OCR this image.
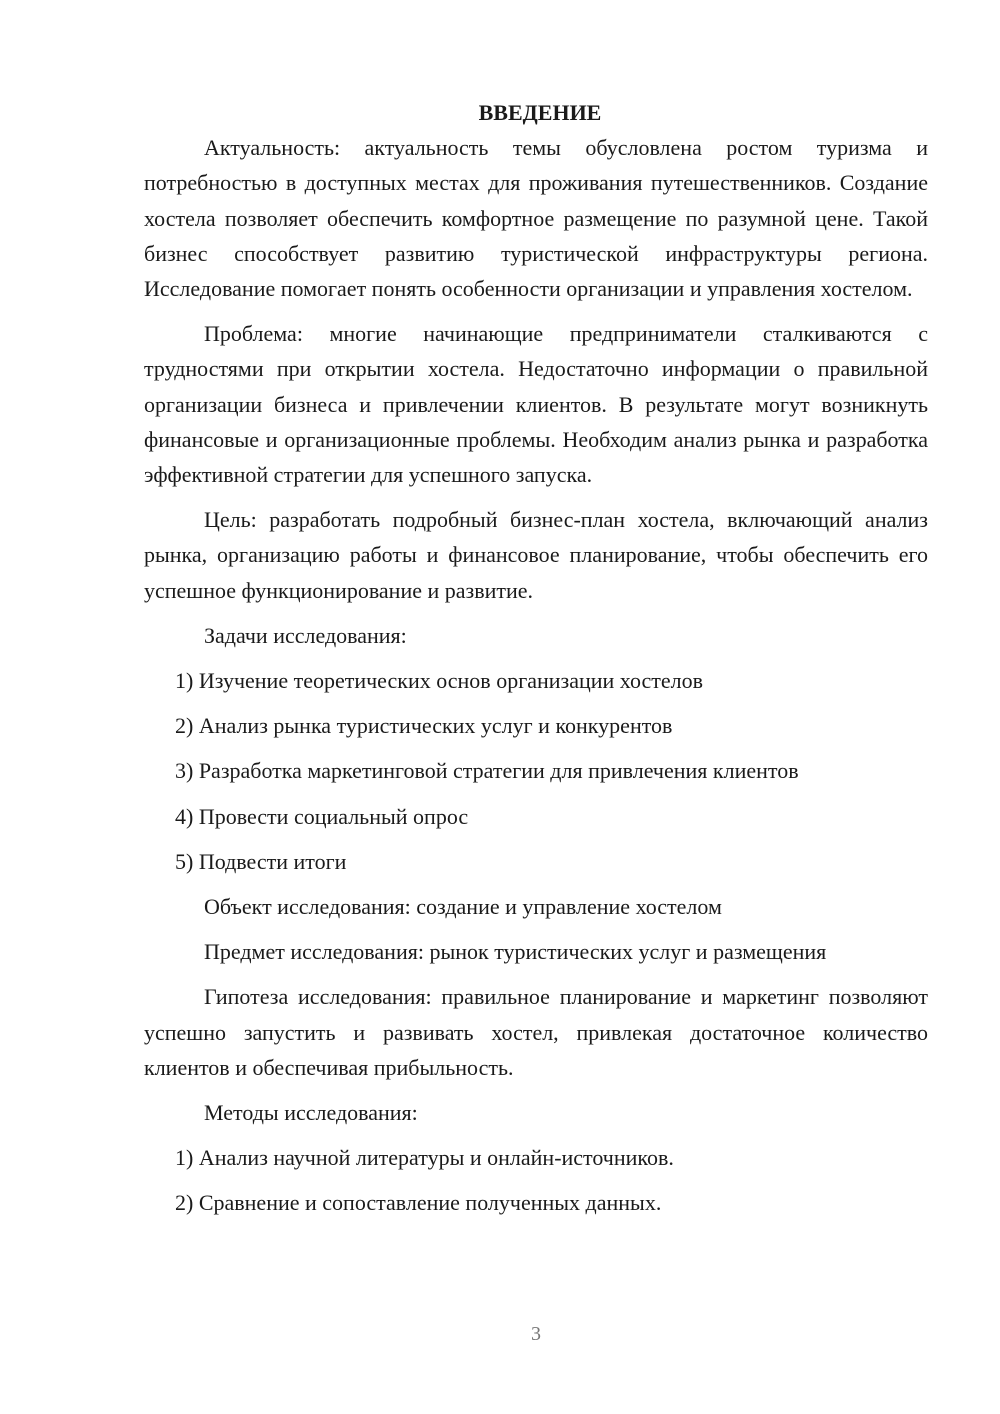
ВВЕДЕНИЕ

Актуальность: актуальность темы обусловлена ростом туризма и потребностью в доступных местах для проживания путешественников. Создание хостела позволяет обеспечить комфортное размещение по разумной цене. Такой бизнес способствует развитию туристической инфраструктуры региона. Исследование помогает понять особенности организации и управления хостелом.

Проблема: многие начинающие предприниматели сталкиваются с трудностями при открытии хостела. Недостаточно информации о правильной организации бизнеса и привлечении клиентов. В результате могут возникнуть финансовые и организационные проблемы. Необходим анализ рынка и разработка эффективной стратегии для успешного запуска.

Цель: разработать подробный бизнес-план хостела, включающий анализ рынка, организацию работы и финансовое планирование, чтобы обеспечить его успешное функционирование и развитие.

Задачи исследования:

1) Изучение теоретических основ организации хостелов

2) Анализ рынка туристических услуг и конкурентов

3) Разработка маркетинговой стратегии для привлечения клиентов

4) Провести социальный опрос

5) Подвести итоги

Объект исследования: создание и управление хостелом

Предмет исследования: рынок туристических услуг и размещения

Гипотеза исследования: правильное планирование и маркетинг позволяют успешно запустить и развивать хостел, привлекая достаточное количество клиентов и обеспечивая прибыльность.

Методы исследования:

1) Анализ научной литературы и онлайн-источников.

2) Сравнение и сопоставление полученных данных.

3
